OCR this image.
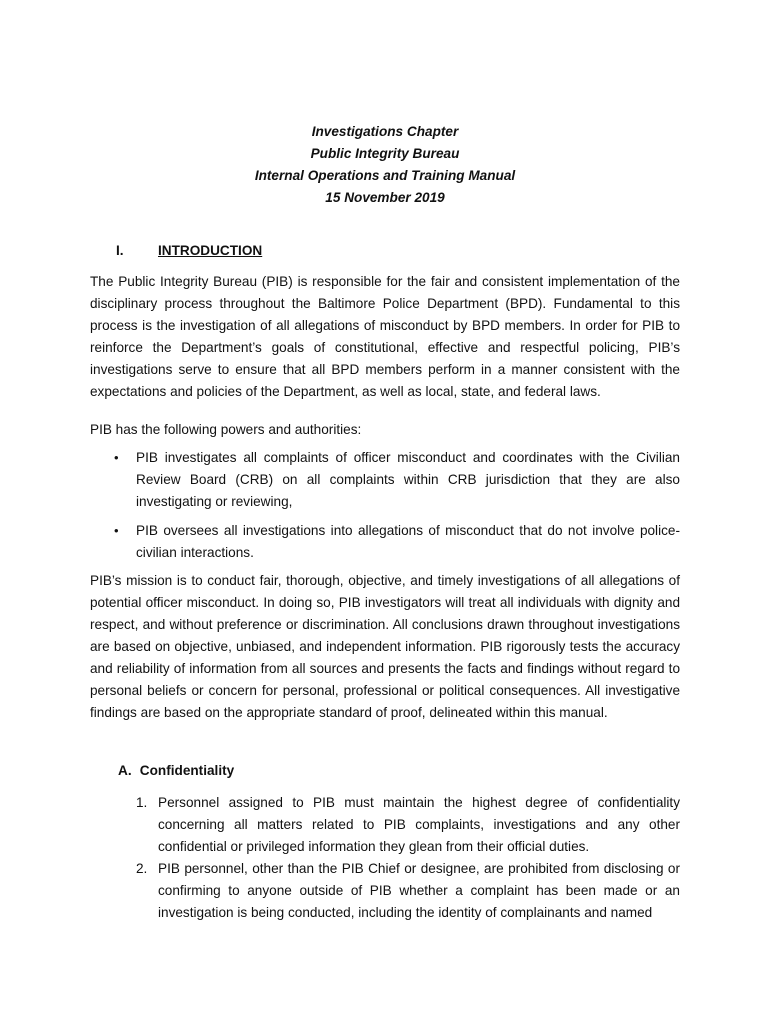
Investigations Chapter
Public Integrity Bureau
Internal Operations and Training Manual
15 November 2019
I.	INTRODUCTION
The Public Integrity Bureau (PIB) is responsible for the fair and consistent implementation of the disciplinary process throughout the Baltimore Police Department (BPD). Fundamental to this process is the investigation of all allegations of misconduct by BPD members. In order for PIB to reinforce the Department’s goals of constitutional, effective and respectful policing, PIB’s investigations serve to ensure that all BPD members perform in a manner consistent with the expectations and policies of the Department, as well as local, state, and federal laws.
PIB has the following powers and authorities:
• PIB investigates all complaints of officer misconduct and coordinates with the Civilian Review Board (CRB) on all complaints within CRB jurisdiction that they are also investigating or reviewing,
• PIB oversees all investigations into allegations of misconduct that do not involve police-civilian interactions.
PIB’s mission is to conduct fair, thorough, objective, and timely investigations of all allegations of potential officer misconduct. In doing so, PIB investigators will treat all individuals with dignity and respect, and without preference or discrimination. All conclusions drawn throughout investigations are based on objective, unbiased, and independent information. PIB rigorously tests the accuracy and reliability of information from all sources and presents the facts and findings without regard to personal beliefs or concern for personal, professional or political consequences. All investigative findings are based on the appropriate standard of proof, delineated within this manual.
A. Confidentiality
1. Personnel assigned to PIB must maintain the highest degree of confidentiality concerning all matters related to PIB complaints, investigations and any other confidential or privileged information they glean from their official duties.
2. PIB personnel, other than the PIB Chief or designee, are prohibited from disclosing or confirming to anyone outside of PIB whether a complaint has been made or an investigation is being conducted, including the identity of complainants and named
